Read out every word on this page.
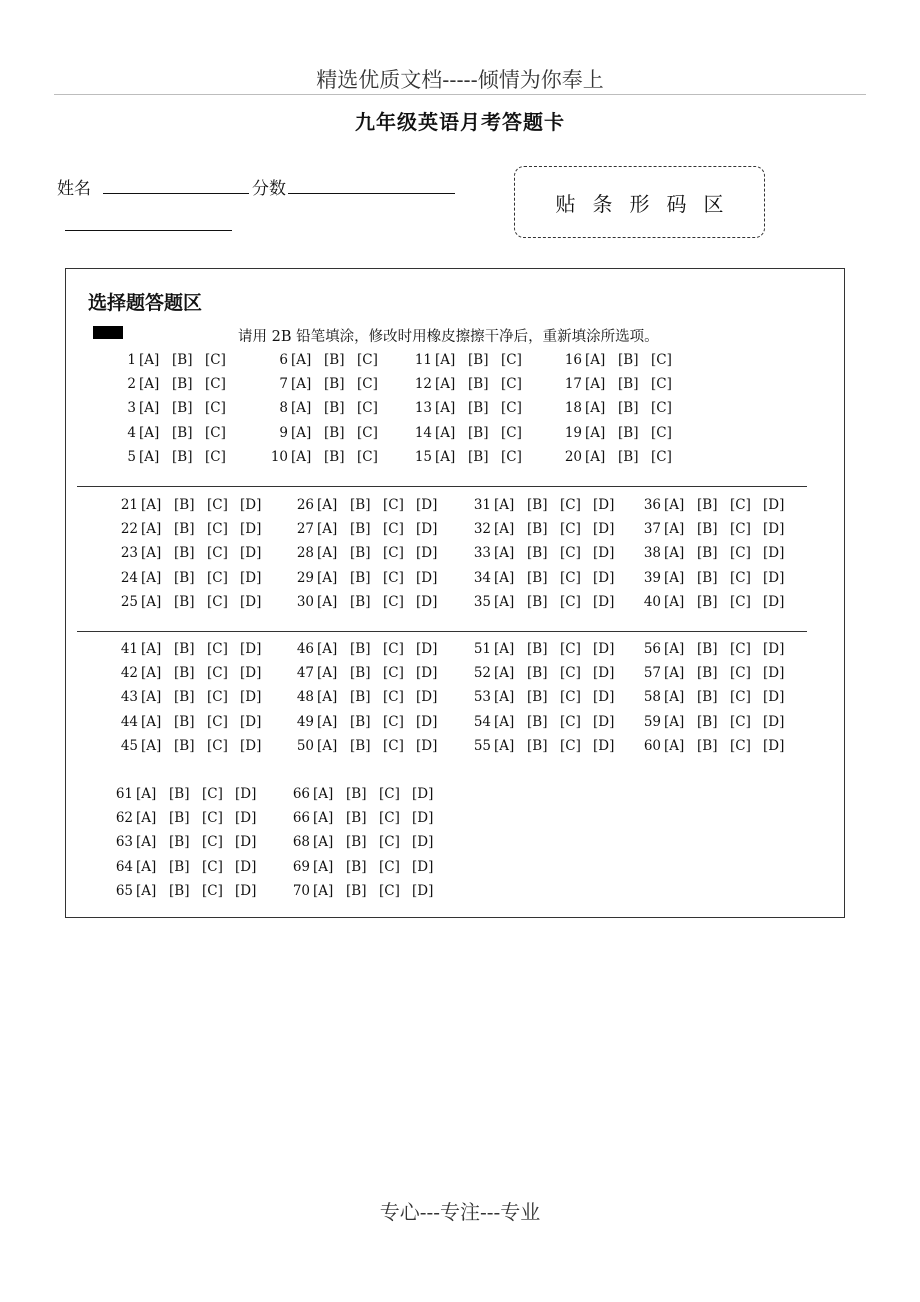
精选优质文档-----倾情为你奉上
九年级英语月考答题卡
姓名	分数
贴条形码区
选择题答题区
请用 2B 铅笔填涂，修改时用橡皮擦擦干净后，重新填涂所选项。
1 [A] [B] [C]
2 [A] [B] [C]
3 [A] [B] [C]
4 [A] [B] [C]
5 [A] [B] [C]
6 [A] [B] [C]
7 [A] [B] [C]
8 [A] [B] [C]
9 [A] [B] [C]
10 [A] [B] [C]
11 [A] [B] [C]
12 [A] [B] [C]
13 [A] [B] [C]
14 [A] [B] [C]
15 [A] [B] [C]
16 [A] [B] [C]
17 [A] [B] [C]
18 [A] [B] [C]
19 [A] [B] [C]
20 [A] [B] [C]
21 [A] [B] [C] [D]
22 [A] [B] [C] [D]
23 [A] [B] [C] [D]
24 [A] [B] [C] [D]
25 [A] [B] [C] [D]
26 [A] [B] [C] [D]
27 [A] [B] [C] [D]
28 [A] [B] [C] [D]
29 [A] [B] [C] [D]
30 [A] [B] [C] [D]
31 [A] [B] [C] [D]
32 [A] [B] [C] [D]
33 [A] [B] [C] [D]
34 [A] [B] [C] [D]
35 [A] [B] [C] [D]
36 [A] [B] [C] [D]
37 [A] [B] [C] [D]
38 [A] [B] [C] [D]
39 [A] [B] [C] [D]
40 [A] [B] [C] [D]
41 [A] [B] [C] [D]
42 [A] [B] [C] [D]
43 [A] [B] [C] [D]
44 [A] [B] [C] [D]
45 [A] [B] [C] [D]
46 [A] [B] [C] [D]
47 [A] [B] [C] [D]
48 [A] [B] [C] [D]
49 [A] [B] [C] [D]
50 [A] [B] [C] [D]
51 [A] [B] [C] [D]
52 [A] [B] [C] [D]
53 [A] [B] [C] [D]
54 [A] [B] [C] [D]
55 [A] [B] [C] [D]
56 [A] [B] [C] [D]
57 [A] [B] [C] [D]
58 [A] [B] [C] [D]
59 [A] [B] [C] [D]
60 [A] [B] [C] [D]
61 [A] [B] [C] [D]
62 [A] [B] [C] [D]
63 [A] [B] [C] [D]
64 [A] [B] [C] [D]
65 [A] [B] [C] [D]
66 [A] [B] [C] [D]
66 [A] [B] [C] [D]
68 [A] [B] [C] [D]
69 [A] [B] [C] [D]
70 [A] [B] [C] [D]
专心---专注---专业
